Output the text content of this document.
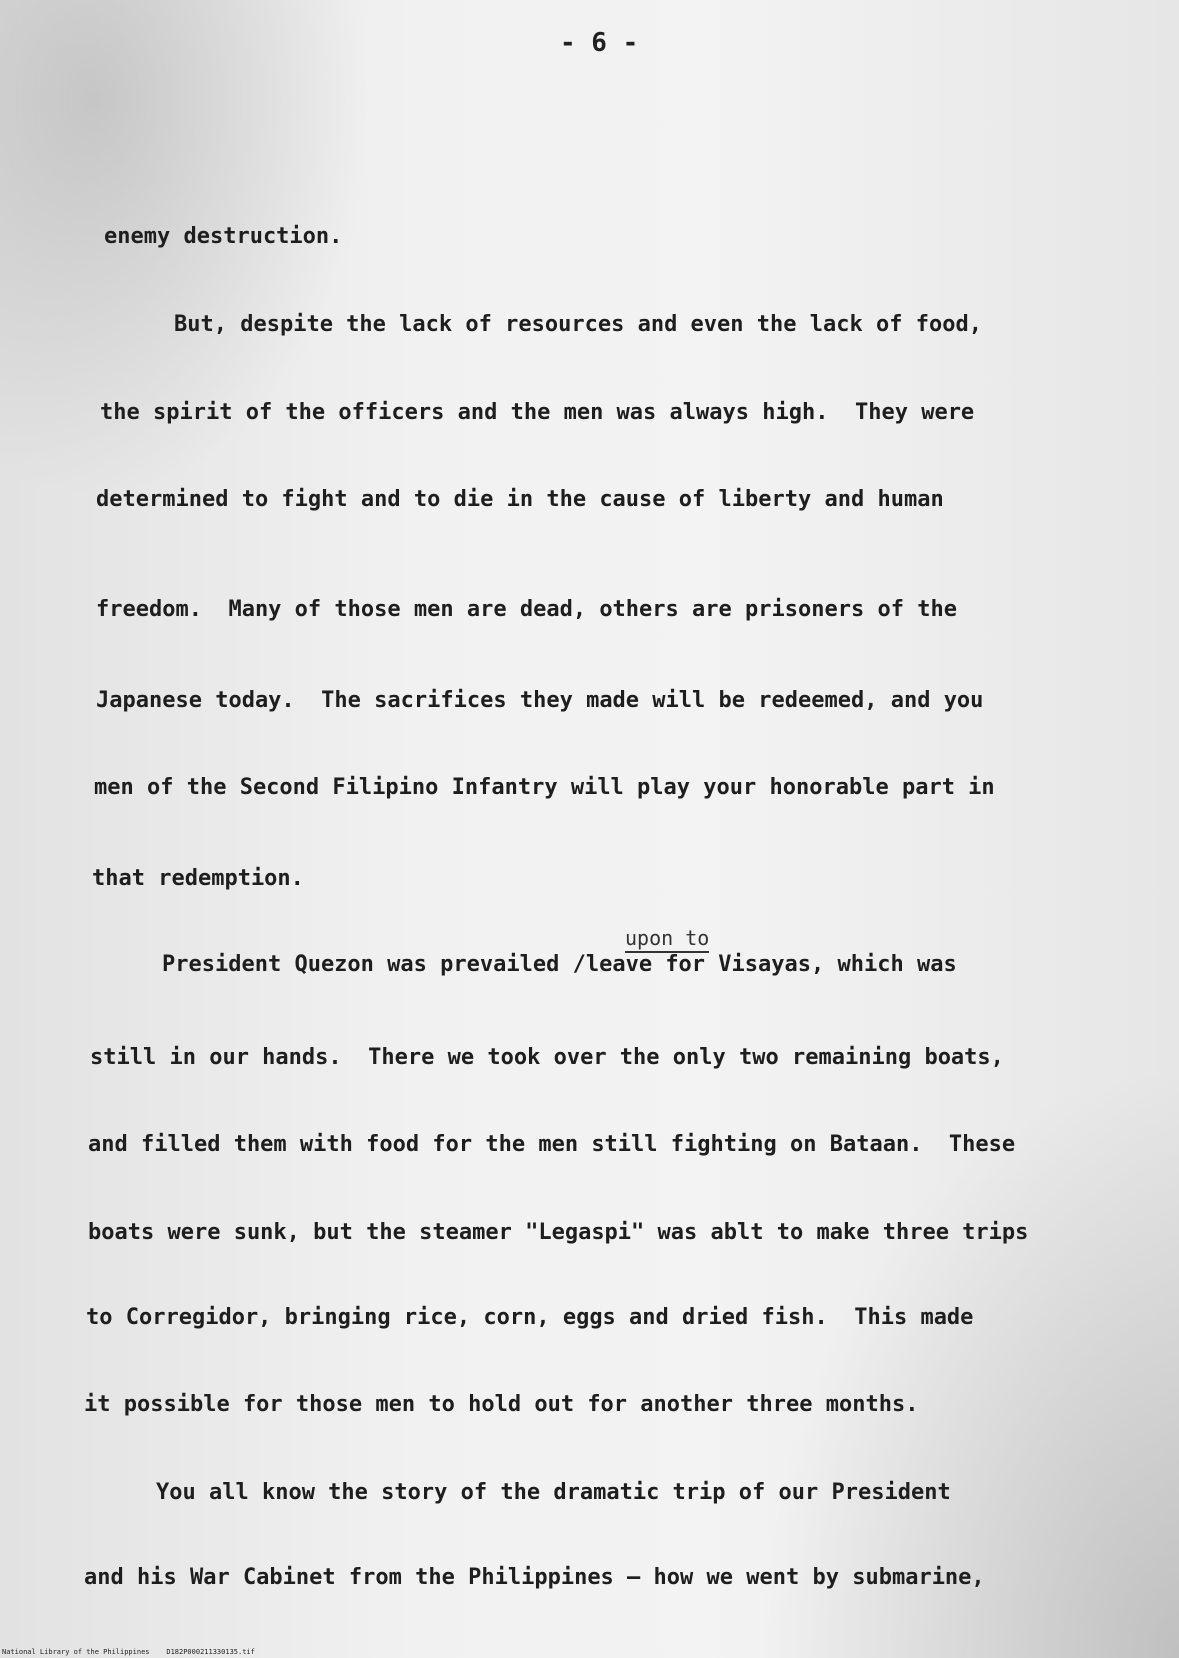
- 6 -
enemy destruction.
But, despite the lack of resources and even the lack of food,
the spirit of the officers and the men was always high.  They were
determined to fight and to die in the cause of liberty and human
freedom.  Many of those men are dead, others are prisoners of the
Japanese today.  The sacrifices they made will be redeemed, and you
men of the Second Filipino Infantry will play your honorable part in
that redemption.
upon to
President Quezon was prevailed /leave for Visayas, which was
still in our hands.  There we took over the only two remaining boats,
and filled them with food for the men still fighting on Bataan.  These
boats were sunk, but the steamer "Legaspi" was ablt to make three trips
to Corregidor, bringing rice, corn, eggs and dried fish.  This made
it possible for those men to hold out for another three months.
You all know the story of the dramatic trip of our President
and his War Cabinet from the Philippines — how we went by submarine,
National Library of the Philippines    D182P000211330135.tif
